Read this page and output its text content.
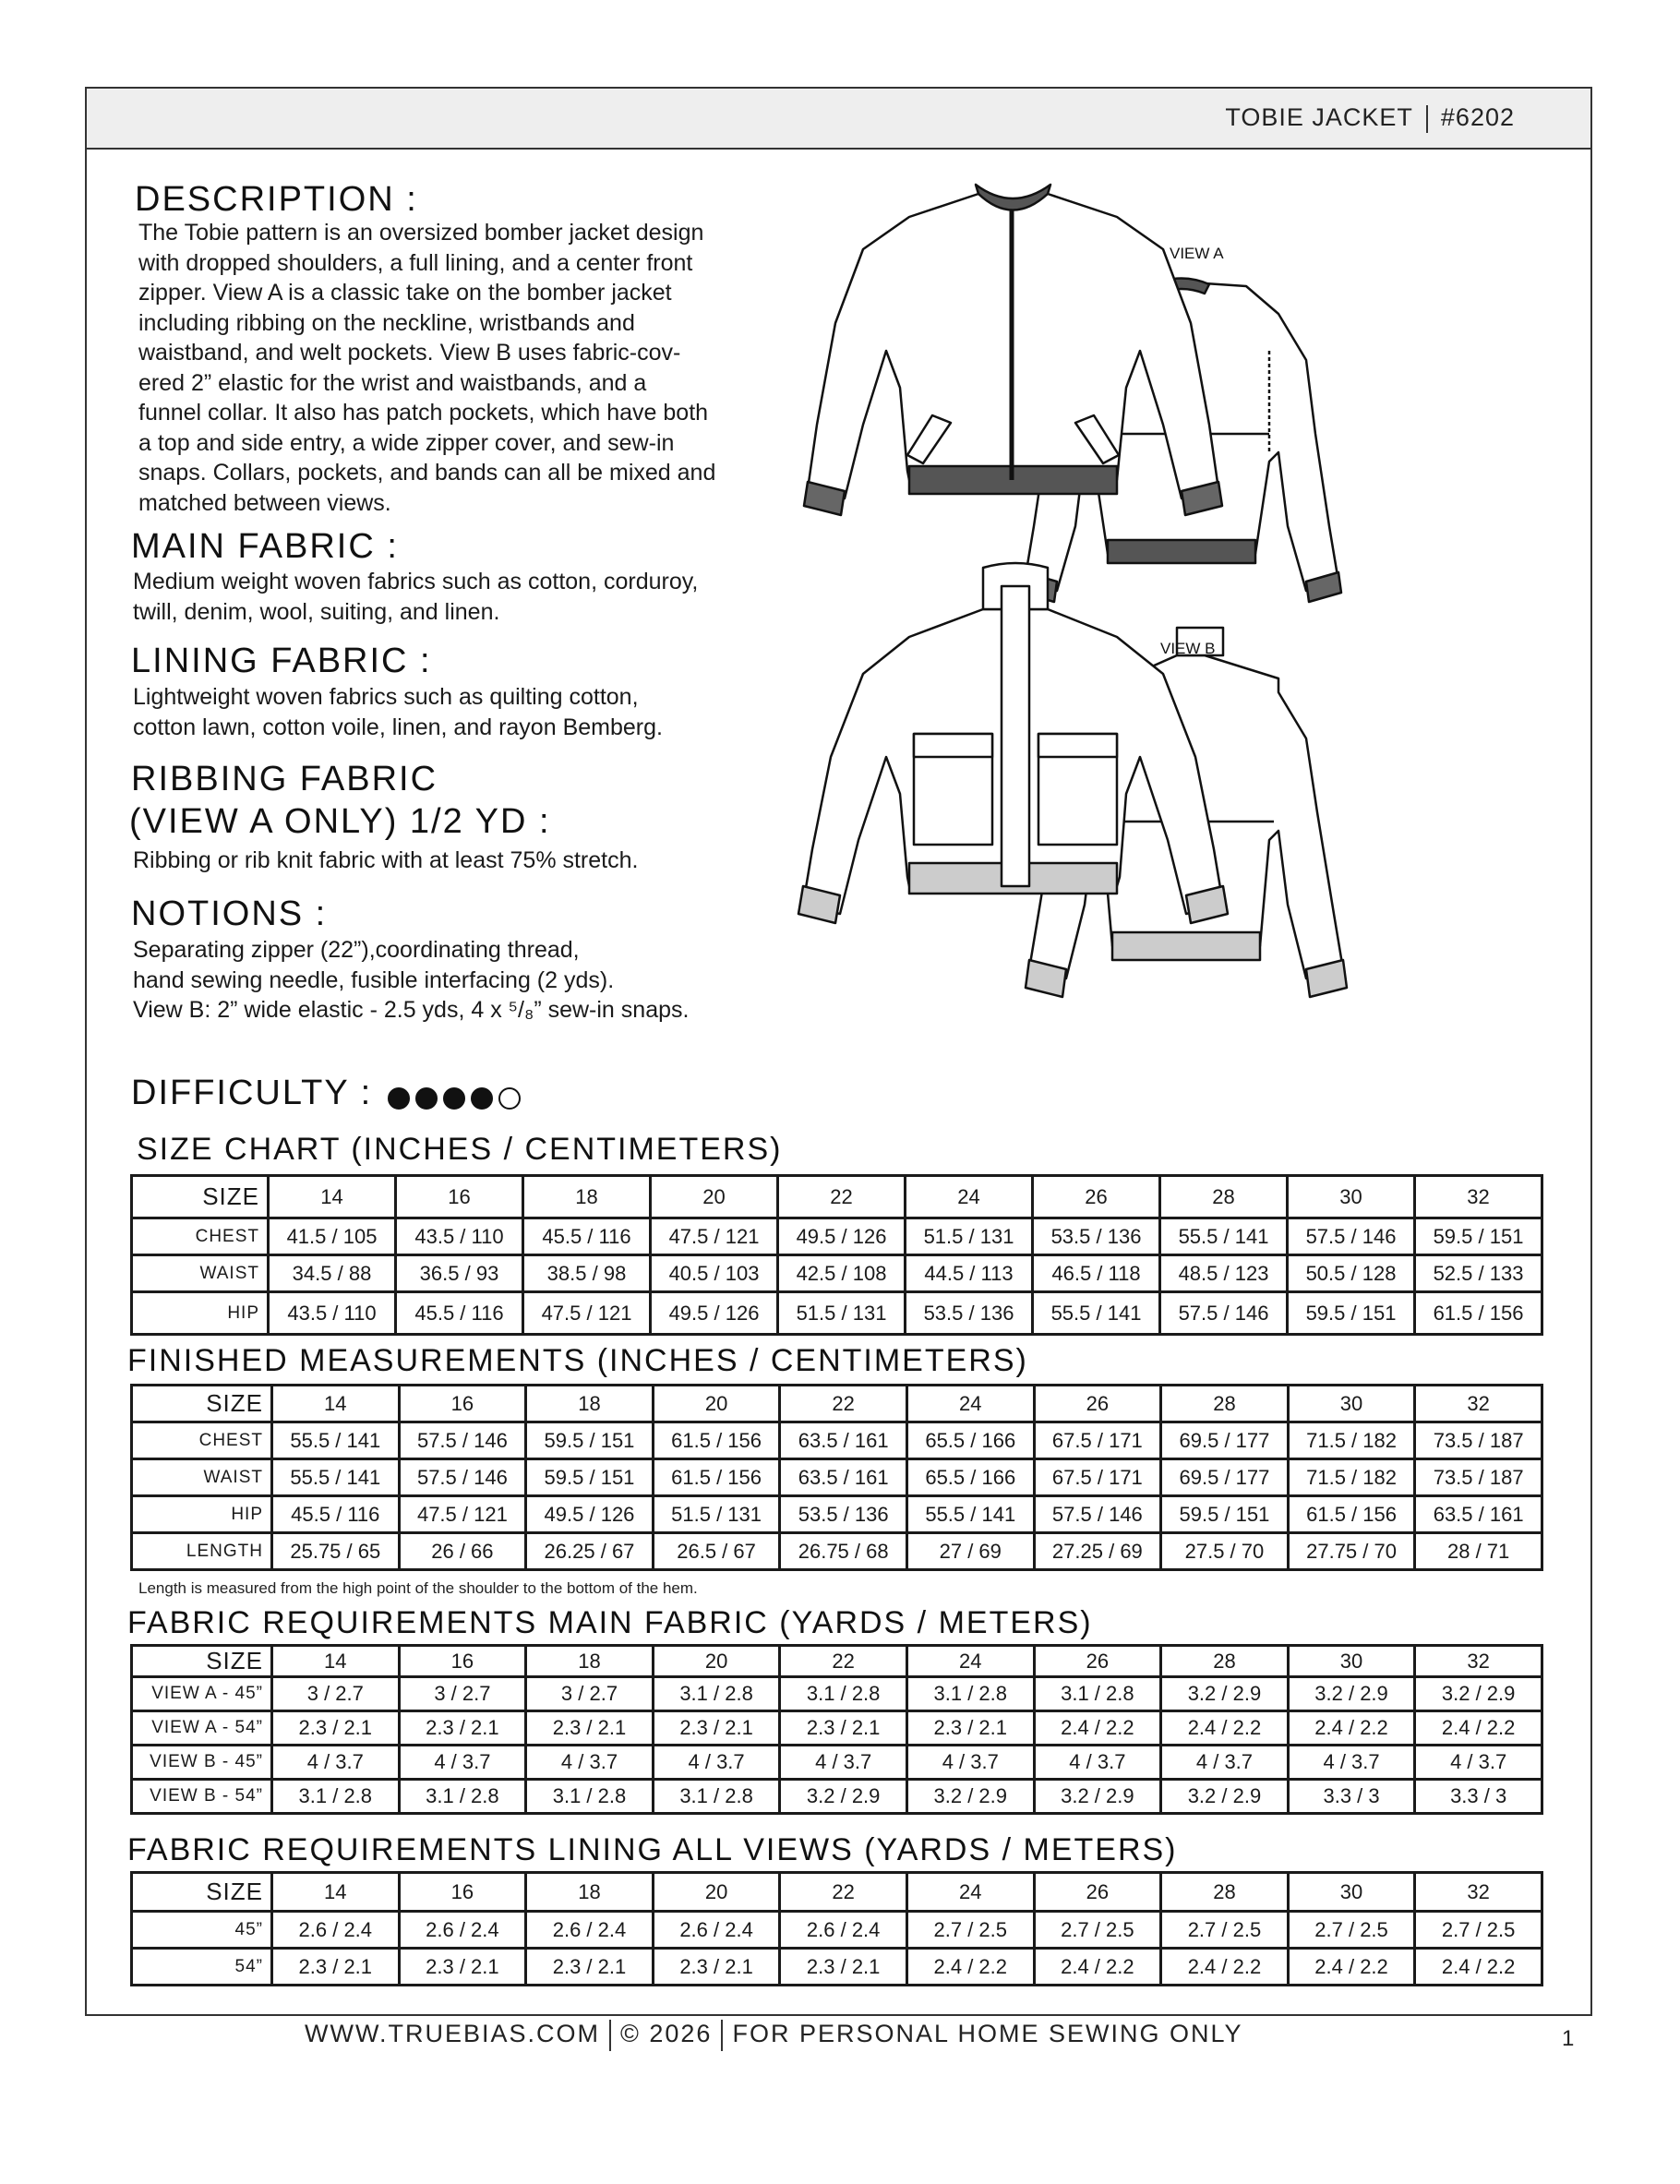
TOBIE JACKET #6202
DESCRIPTION :
The Tobie pattern is an oversized bomber jacket design
with dropped shoulders, a full lining, and a center front
zipper. View A is a classic take on the bomber jacket
including ribbing on the neckline, wristbands and
waistband, and welt pockets. View B uses fabric-cov-
ered 2” elastic for the wrist and waistbands, and a
funnel collar. It also has patch pockets, which have both
a top and side entry, a wide zipper cover, and sew-in
snaps. Collars, pockets, and bands can all be mixed and
matched between views.
MAIN FABRIC :
Medium weight woven fabrics such as cotton, corduroy,
twill, denim, wool, suiting, and linen.
LINING FABRIC :
Lightweight woven fabrics such as quilting cotton,
cotton lawn, cotton voile, linen, and rayon Bemberg.
RIBBING FABRIC
(VIEW A ONLY) 1/2 YD :
Ribbing or rib knit fabric with at least 75% stretch.
NOTIONS :
Separating zipper (22”),coordinating thread,
hand sewing needle, fusible interfacing (2 yds).
View B: 2” wide elastic - 2.5 yds, 4 x ⁵/₈” sew-in snaps.
DIFFICULTY :
VIEW A
VIEW B
SIZE CHART (INCHES / CENTIMETERS)
SIZE	14	16	18	20	22	24	26	28	30	32
CHEST	41.5 / 105	43.5 / 110	45.5 / 116	47.5 / 121	49.5 / 126	51.5 / 131	53.5 / 136	55.5 / 141	57.5 / 146	59.5 / 151
WAIST	34.5 / 88	36.5 / 93	38.5 / 98	40.5 / 103	42.5 / 108	44.5 / 113	46.5 / 118	48.5 / 123	50.5 / 128	52.5 / 133
HIP	43.5 / 110	45.5 / 116	47.5 / 121	49.5 / 126	51.5 / 131	53.5 / 136	55.5 / 141	57.5 / 146	59.5 / 151	61.5 / 156
FINISHED MEASUREMENTS (INCHES / CENTIMETERS)
SIZE	14	16	18	20	22	24	26	28	30	32
CHEST	55.5 / 141	57.5 / 146	59.5 / 151	61.5 / 156	63.5 / 161	65.5 / 166	67.5 / 171	69.5 / 177	71.5 / 182	73.5 / 187
WAIST	55.5 / 141	57.5 / 146	59.5 / 151	61.5 / 156	63.5 / 161	65.5 / 166	67.5 / 171	69.5 / 177	71.5 / 182	73.5 / 187
HIP	45.5 / 116	47.5 / 121	49.5 / 126	51.5 / 131	53.5 / 136	55.5 / 141	57.5 / 146	59.5 / 151	61.5 / 156	63.5 / 161
LENGTH	25.75 / 65	26 / 66	26.25 / 67	26.5 / 67	26.75 / 68	27 / 69	27.25 / 69	27.5 / 70	27.75 / 70	28 / 71
Length is measured from the high point of the shoulder to the bottom of the hem.
FABRIC REQUIREMENTS MAIN FABRIC (YARDS / METERS)
SIZE	14	16	18	20	22	24	26	28	30	32
VIEW A - 45”	3 / 2.7	3 / 2.7	3 / 2.7	3.1 / 2.8	3.1 / 2.8	3.1 / 2.8	3.1 / 2.8	3.2 / 2.9	3.2 / 2.9	3.2 / 2.9
VIEW A - 54”	2.3 / 2.1	2.3 / 2.1	2.3 / 2.1	2.3 / 2.1	2.3 / 2.1	2.3 / 2.1	2.4 / 2.2	2.4 / 2.2	2.4 / 2.2	2.4 / 2.2
VIEW B - 45”	4 / 3.7	4 / 3.7	4 / 3.7	4 / 3.7	4 / 3.7	4 / 3.7	4 / 3.7	4 / 3.7	4 / 3.7	4 / 3.7
VIEW B - 54”	3.1 / 2.8	3.1 / 2.8	3.1 / 2.8	3.1 / 2.8	3.2 / 2.9	3.2 / 2.9	3.2 / 2.9	3.2 / 2.9	3.3 / 3	3.3 / 3
FABRIC REQUIREMENTS LINING ALL VIEWS (YARDS / METERS)
SIZE	14	16	18	20	22	24	26	28	30	32
45”	2.6 / 2.4	2.6 / 2.4	2.6 / 2.4	2.6 / 2.4	2.6 / 2.4	2.7 / 2.5	2.7 / 2.5	2.7 / 2.5	2.7 / 2.5	2.7 / 2.5
54”	2.3 / 2.1	2.3 / 2.1	2.3 / 2.1	2.3 / 2.1	2.3 / 2.1	2.4 / 2.2	2.4 / 2.2	2.4 / 2.2	2.4 / 2.2	2.4 / 2.2
WWW.TRUEBIAS.COM © 2026 FOR PERSONAL HOME SEWING ONLY	1
